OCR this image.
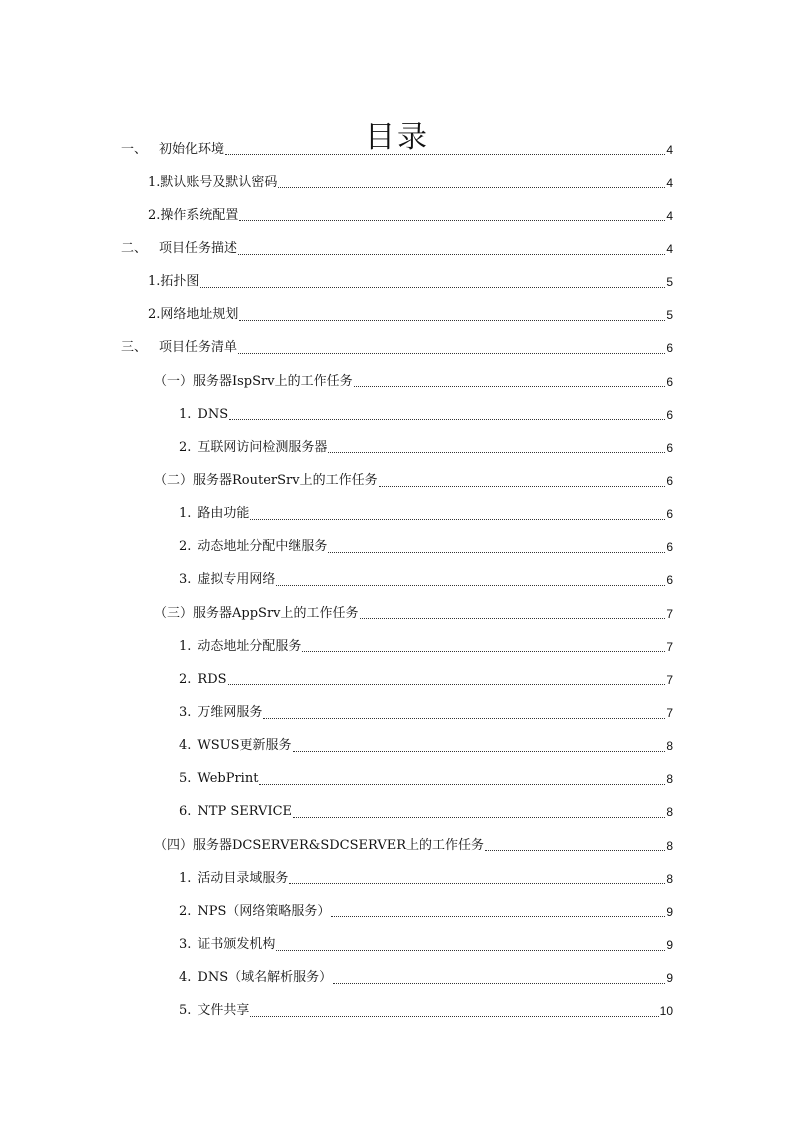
目录
一、 初始化环境	4
1.默认账号及默认密码	4
2.操作系统配置	4
二、 项目任务描述	4
1.拓扑图	5
2.网络地址规划	5
三、 项目任务清单	6
（一）服务器IspSrv上的工作任务	6
1. DNS	6
2. 互联网访问检测服务器	6
（二）服务器RouterSrv上的工作任务	6
1. 路由功能	6
2. 动态地址分配中继服务	6
3. 虚拟专用网络	6
（三）服务器AppSrv上的工作任务	7
1. 动态地址分配服务	7
2. RDS	7
3. 万维网服务	7
4. WSUS更新服务	8
5. WebPrint	8
6. NTP SERVICE	8
（四）服务器DCSERVER&SDCSERVER上的工作任务	8
1. 活动目录域服务	8
2. NPS（网络策略服务）	9
3. 证书颁发机构	9
4. DNS（域名解析服务）	9
5. 文件共享	10
